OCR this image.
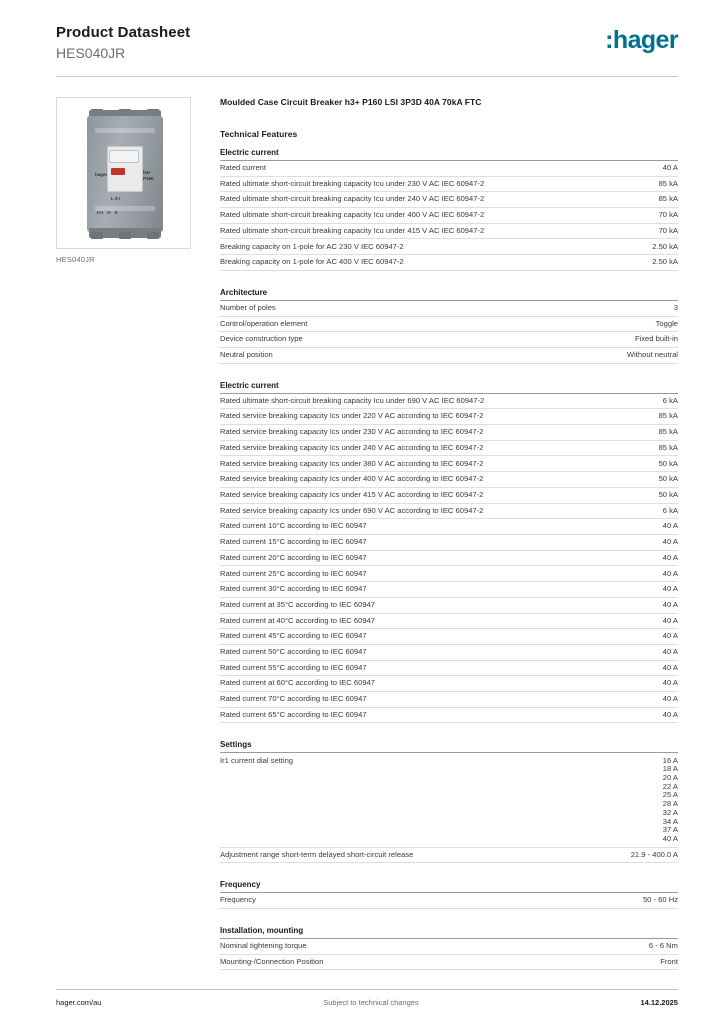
Product Datasheet
HES040JR	:hager
hager	h3+
P160
L S I
I>>   I>   Ir
HES040JR
Moulded Case Circuit Breaker h3+ P160 LSI 3P3D 40A 70kA FTC
Technical Features
Electric current
Rated current	40 A
Rated ultimate short-circuit breaking capacity Icu under 230 V AC IEC 60947-2	85 kA
Rated ultimate short-circuit breaking capacity Icu under 240 V AC IEC 60947-2	85 kA
Rated ultimate short-circuit breaking capacity Icu under 400 V AC IEC 60947-2	70 kA
Rated ultimate short-circuit breaking capacity Icu under 415 V AC IEC 60947-2	70 kA
Breaking capacity on 1-pole for AC 230 V IEC 60947-2	2.50 kA
Breaking capacity on 1-pole for AC 400 V IEC 60947-2	2.50 kA
Architecture
Number of poles	3
Control/operation element	Toggle
Device construction type	Fixed built-in
Neutral position	Without neutral
Electric current
Rated ultimate short-circuit breaking capacity Icu under 690 V AC IEC 60947-2	6 kA
Rated service breaking capacity Ics under 220 V AC according to IEC 60947-2	85 kA
Rated service breaking capacity Ics under 230 V AC according to IEC 60947-2	85 kA
Rated service breaking capacity Ics under 240 V AC according to IEC 60947-2	85 kA
Rated service breaking capacity Ics under 380 V AC according to IEC 60947-2	50 kA
Rated service breaking capacity Ics under 400 V AC according to IEC 60947-2	50 kA
Rated service breaking capacity Ics under 415 V AC according to IEC 60947-2	50 kA
Rated service breaking capacity Ics under 690 V AC according to IEC 60947-2	6 kA
Rated current 10°C according to IEC 60947	40 A
Rated current 15°C according to IEC 60947	40 A
Rated current 20°C according to IEC 60947	40 A
Rated current 25°C according to IEC 60947	40 A
Rated current 30°C according to IEC 60947	40 A
Rated current at 35°C according to IEC 60947	40 A
Rated current at 40°C according to IEC 60947	40 A
Rated current 45°C according to IEC 60947	40 A
Rated current 50°C according to IEC 60947	40 A
Rated current 55°C according to IEC 60947	40 A
Rated current at 60°C according to IEC 60947	40 A
Rated current 70°C according to IEC 60947	40 A
Rated current 65°C according to IEC 60947	40 A
Settings
Ir1 current dial setting	16 A
18 A
20 A
22 A
25 A
28 A
32 A
34 A
37 A
40 A

Adjustment range short-term delayed short-circuit release	21.9 - 400.0 A
Frequency
Frequency	50 - 60 Hz
Installation, mounting
Nominal tightening torque	6 - 6 Nm
Mounting-/Connection Position	Front
hager.com/au	Subject to technical changes	14.12.2025
